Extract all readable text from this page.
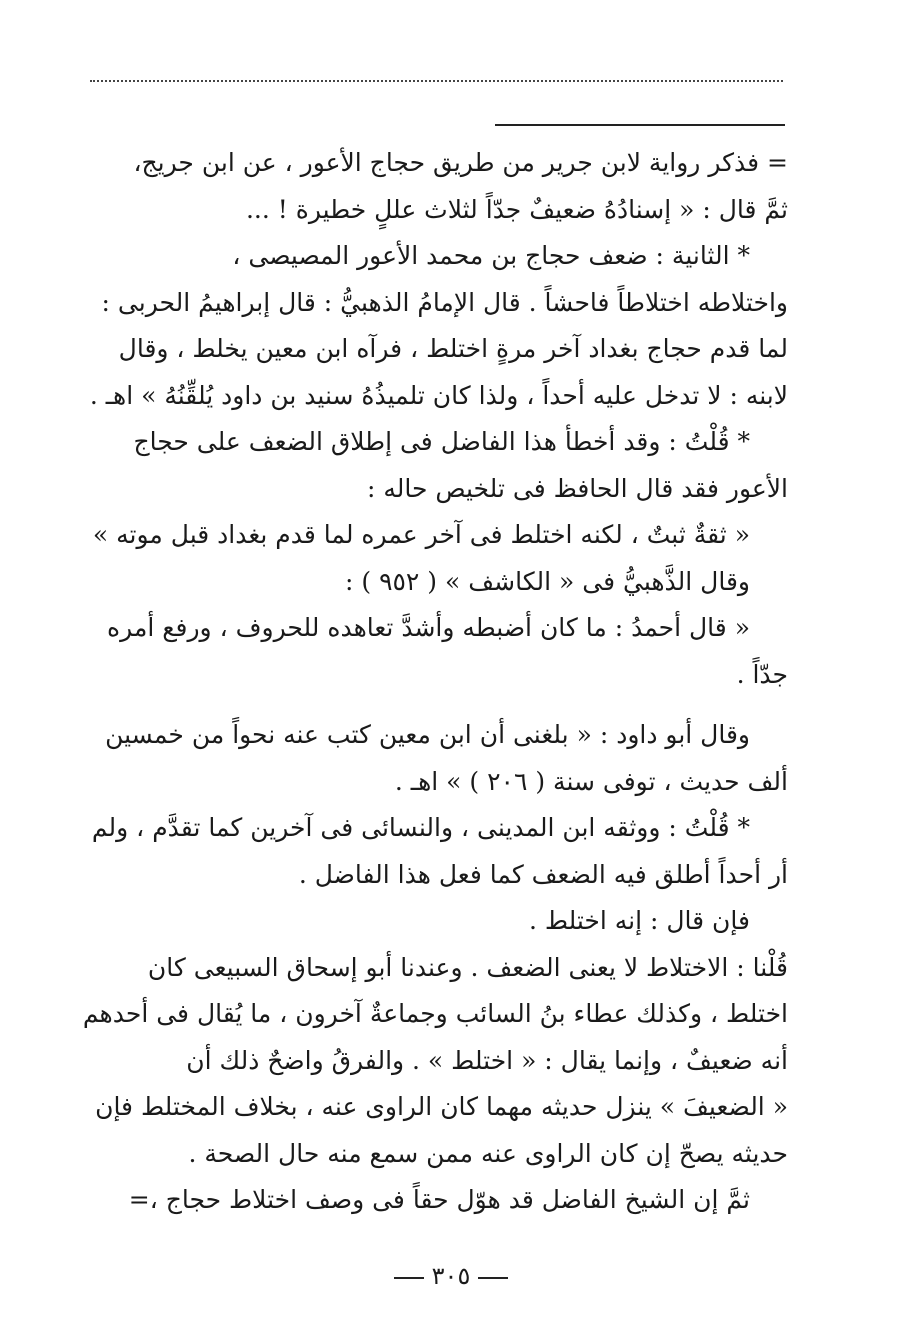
= فذكر رواية لابن جرير من طريق حجاج الأعور ، عن ابن جريج،
ثمَّ قال : « إسنادُهُ ضعيفٌ جدّاً لثلاث عللٍ خطيرة ! ...
* الثانية : ضعف حجاج بن محمد الأعور المصيصى ،
واختلاطه اختلاطاً فاحشاً . قال الإمامُ الذهبيُّ : قال إبراهيمُ الحربى :
لما قدم حجاج بغداد آخر مرةٍ اختلط ، فرآه ابن معين يخلط ، وقال
لابنه : لا تدخل عليه أحداً ، ولذا كان تلميذُهُ سنيد بن داود يُلقِّنُهُ » اهـ .
* قُلْتُ : وقد أخطأ هذا الفاضل فى إطلاق الضعف على حجاج
الأعور فقد قال الحافظ فى تلخيص حاله :
« ثقةٌ ثبتٌ ، لكنه اختلط فى آخر عمره لما قدم بغداد قبل موته »
وقال الذَّهبيُّ فى « الكاشف » ( ٩٥٢ ) :
« قال أحمدُ : ما كان أضبطه وأشدَّ تعاهده للحروف ، ورفع أمره
جدّاً .
وقال أبو داود : « بلغنى أن ابن معين كتب عنه نحواً من خمسين
ألف حديث ، توفى سنة ( ٢٠٦ ) » اهـ .
* قُلْتُ : ووثقه ابن المدينى ، والنسائى فى آخرين كما تقدَّم ، ولم
أر أحداً أطلق فيه الضعف كما فعل هذا الفاضل .
فإن قال : إنه اختلط .
قُلْنا : الاختلاط لا يعنى الضعف . وعندنا أبو إسحاق السبيعى كان
اختلط ، وكذلك عطاء بنُ السائب وجماعةٌ آخرون ، ما يُقال فى أحدهم
أنه ضعيفٌ ، وإنما يقال : « اختلط » . والفرقُ واضحٌ ذلك أن
« الضعيفَ » ينزل حديثه مهما كان الراوى عنه ، بخلاف المختلط فإن
حديثه يصحّ إن كان الراوى عنه ممن سمع منه حال الصحة .
ثمَّ إن الشيخ الفاضل قد هوّل حقاً فى وصف اختلاط حجاج ،=
٣٠٥
